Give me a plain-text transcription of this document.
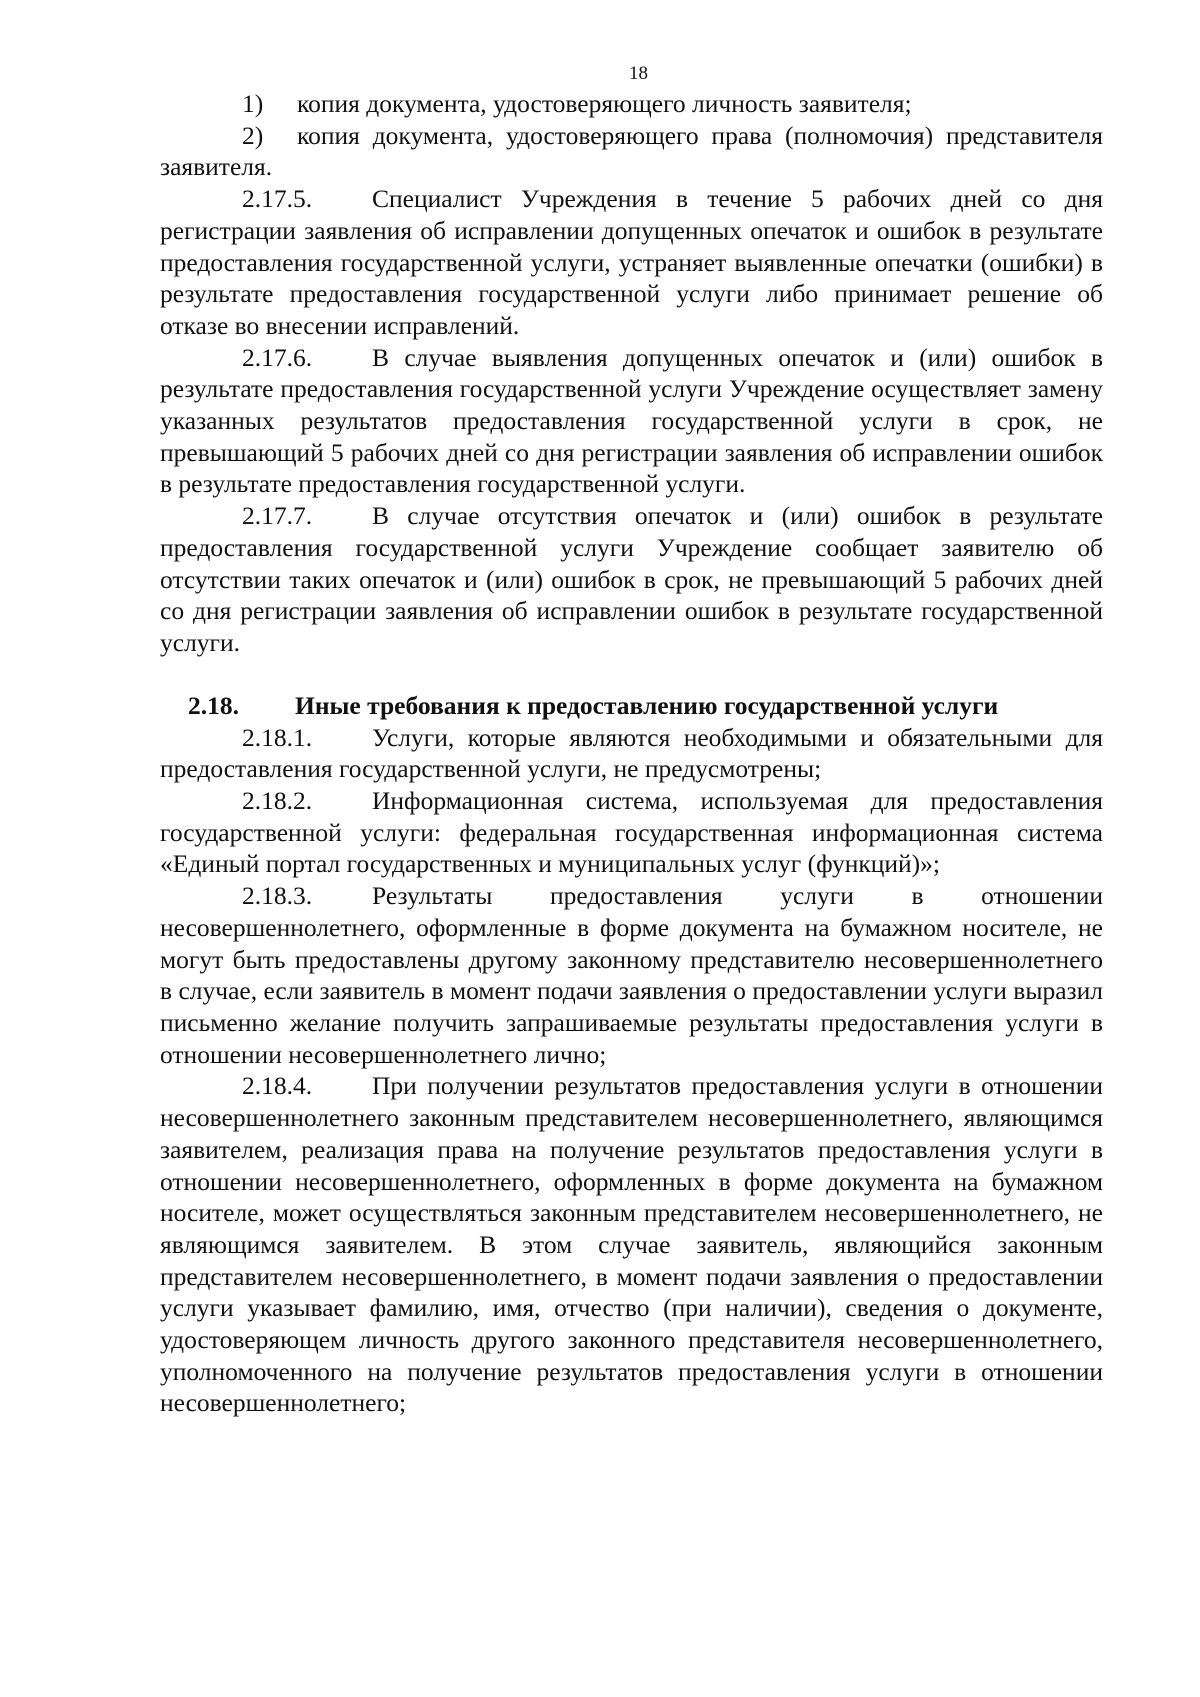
18

1) копия документа, удостоверяющего личность заявителя;

2) копия документа, удостоверяющего права (полномочия) представителя заявителя.

2.17.5. Специалист Учреждения в течение 5 рабочих дней со дня регистрации заявления об исправлении допущенных опечаток и ошибок в результате предоставления государственной услуги, устраняет выявленные опечатки (ошибки) в результате предоставления государственной услуги либо принимает решение об отказе во внесении исправлений.

2.17.6. В случае выявления допущенных опечаток и (или) ошибок в результате предоставления государственной услуги Учреждение осуществляет замену указанных результатов предоставления государственной услуги в срок, не превышающий 5 рабочих дней со дня регистрации заявления об исправлении ошибок в результате предоставления государственной услуги.

2.17.7. В случае отсутствия опечаток и (или) ошибок в результате предоставления государственной услуги Учреждение сообщает заявителю об отсутствии таких опечаток и (или) ошибок в срок, не превышающий 5 рабочих дней со дня регистрации заявления об исправлении ошибок в результате государственной услуги.

2.18. Иные требования к предоставлению государственной услуги

2.18.1. Услуги, которые являются необходимыми и обязательными для предоставления государственной услуги, не предусмотрены;

2.18.2. Информационная система, используемая для предоставления государственной услуги: федеральная государственная информационная система «Единый портал государственных и муниципальных услуг (функций)»;

2.18.3. Результаты предоставления услуги в отношении несовершеннолетнего, оформленные в форме документа на бумажном носителе, не могут быть предоставлены другому законному представителю несовершеннолетнего в случае, если заявитель в момент подачи заявления о предоставлении услуги выразил письменно желание получить запрашиваемые результаты предоставления услуги в отношении несовершеннолетнего лично;

2.18.4. При получении результатов предоставления услуги в отношении несовершеннолетнего законным представителем несовершеннолетнего, являющимся заявителем, реализация права на получение результатов предоставления услуги в отношении несовершеннолетнего, оформленных в форме документа на бумажном носителе, может осуществляться законным представителем несовершеннолетнего, не являющимся заявителем. В этом случае заявитель, являющийся законным представителем несовершеннолетнего, в момент подачи заявления о предоставлении услуги указывает фамилию, имя, отчество (при наличии), сведения о документе, удостоверяющем личность другого законного представителя несовершеннолетнего, уполномоченного на получение результатов предоставления услуги в отношении несовершеннолетнего;
